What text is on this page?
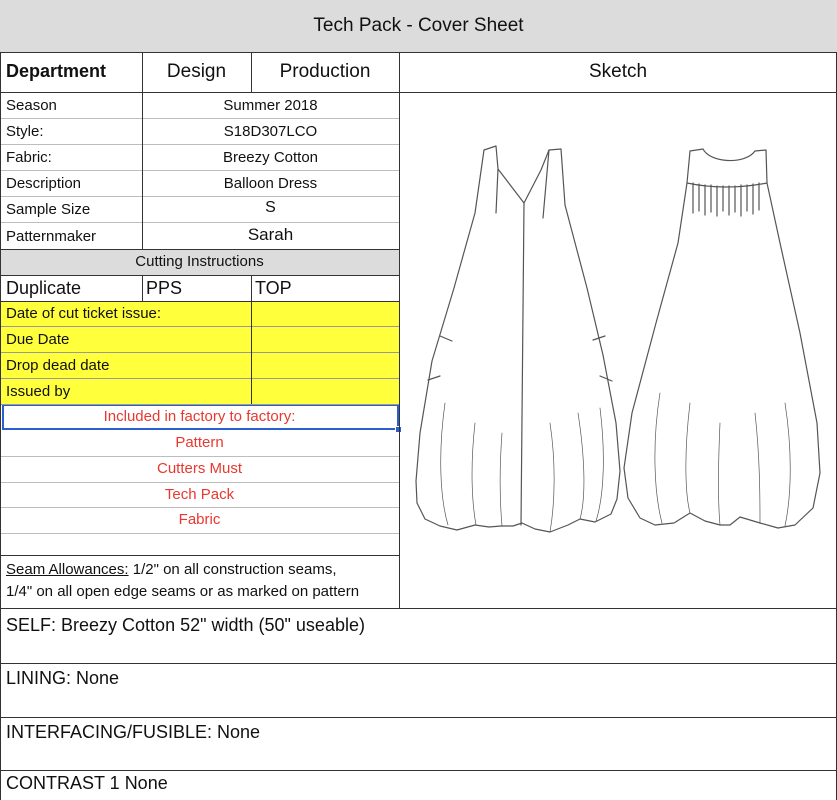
Tech Pack - Cover Sheet
Department	Design	Production	Sketch
Season	Summer 2018
Style:	S18D307LCO
Fabric:	Breezy Cotton
Description	Balloon Dress
Sample Size	S
Patternmaker	Sarah
Cutting Instructions
Duplicate	PPS	TOP
Date of cut ticket issue:
Due Date
Drop dead date
Issued by
Included in factory to factory:
Pattern
Cutters Must
Tech Pack
Fabric
Seam Allowances: 1/2" on all construction seams,
1/4" on all open edge seams or as marked on pattern
SELF: Breezy Cotton 52" width (50" useable)
LINING: None
INTERFACING/FUSIBLE: None
CONTRAST 1 None
